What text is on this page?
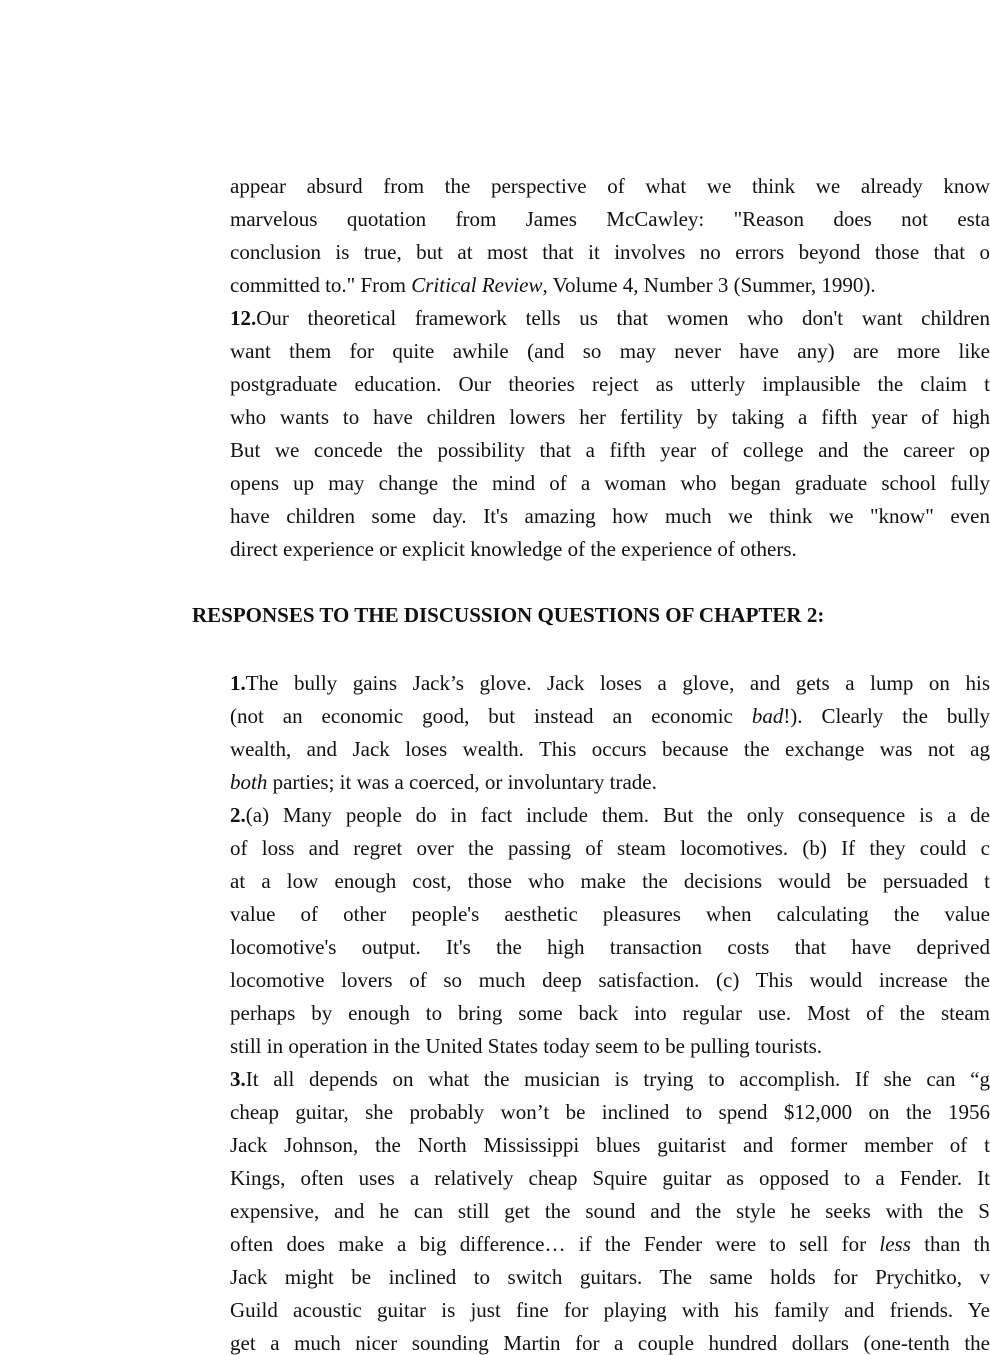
appear absurd from the perspective of what we think we already know
marvelous quotation from James McCawley: "Reason does not esta
conclusion is true, but at most that it involves no errors beyond those that o
committed to." From Critical Review, Volume 4, Number 3 (Summer, 1990).
12.Our theoretical framework tells us that women who don't want children
want them for quite awhile (and so may never have any) are more like
postgraduate education. Our theories reject as utterly implausible the claim t
who wants to have children lowers her fertility by taking a fifth year of high
But we concede the possibility that a fifth year of college and the career op
opens up may change the mind of a woman who began graduate school fully
have children some day. It's amazing how much we think we "know" even
direct experience or explicit knowledge of the experience of others.
RESPONSES TO THE DISCUSSION QUESTIONS OF CHAPTER 2:
1.The bully gains Jack’s glove. Jack loses a glove, and gets a lump on his
(not an economic good, but instead an economic bad!). Clearly the bully
wealth, and Jack loses wealth. This occurs because the exchange was not ag
both parties; it was a coerced, or involuntary trade.
2.(a) Many people do in fact include them. But the only consequence is a de
of loss and regret over the passing of steam locomotives. (b) If they could c
at a low enough cost, those who make the decisions would be persuaded t
value of other people's aesthetic pleasures when calculating the value
locomotive's output. It's the high transaction costs that have deprived
locomotive lovers of so much deep satisfaction. (c) This would increase the
perhaps by enough to bring some back into regular use. Most of the steam
still in operation in the United States today seem to be pulling tourists.
3.It all depends on what the musician is trying to accomplish. If she can “g
cheap guitar, she probably won’t be inclined to spend $12,000 on the 1956
Jack Johnson, the North Mississippi blues guitarist and former member of t
Kings, often uses a relatively cheap Squire guitar as opposed to a Fender. It
expensive, and he can still get the sound and the style he seeks with the S
often does make a big difference… if the Fender were to sell for less than th
Jack might be inclined to switch guitars. The same holds for Prychitko, v
Guild acoustic guitar is just fine for playing with his family and friends. Ye
get a much nicer sounding Martin for a couple hundred dollars (one-tenth the
